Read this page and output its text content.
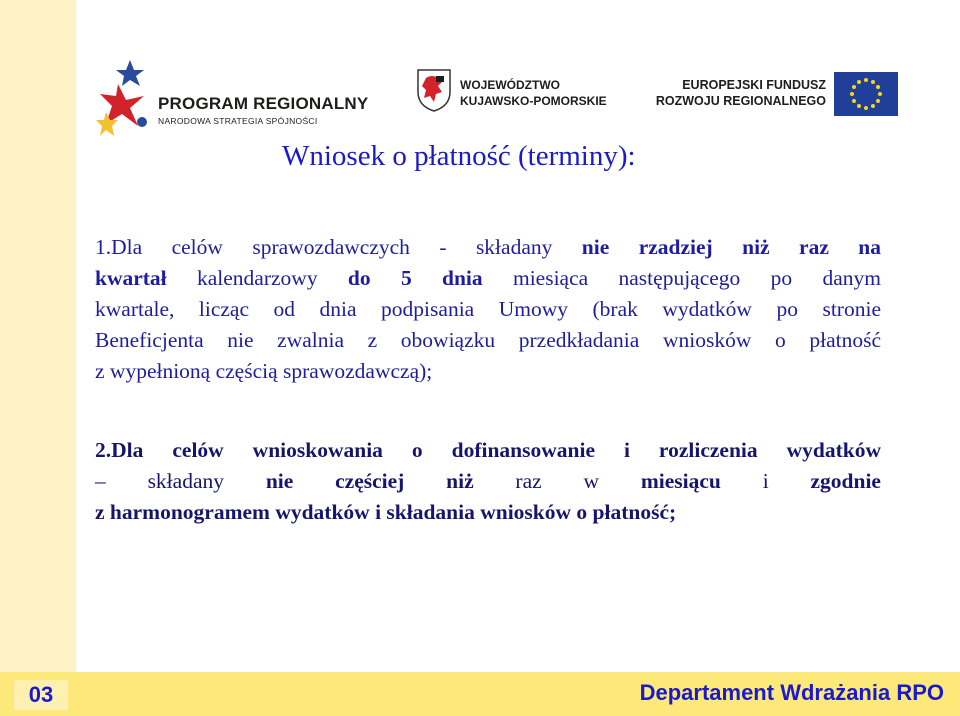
PROGRAM REGIONALNY
NARODOWA STRATEGIA SPÓJNOŚCI
WOJEWÓDZTWO
KUJAWSKO-POMORSKIE
EUROPEJSKI FUNDUSZ
ROZWOJU REGIONALNEGO
Wniosek o płatność (terminy):
1.Dla celów sprawozdawczych - składany nie rzadziej niż raz na
kwartał kalendarzowy do 5 dnia miesiąca następującego po danym
kwartale, licząc od dnia podpisania Umowy (brak wydatków po stronie
Beneficjenta nie zwalnia z obowiązku przedkładania wniosków o płatność
z wypełnioną częścią sprawozdawczą);
2.Dla celów wnioskowania o dofinansowanie i rozliczenia wydatków
– składany nie częściej niż raz w miesiącu i zgodnie
z harmonogramem wydatków i składania wniosków o płatność;
03	Departament Wdrażania RPO
